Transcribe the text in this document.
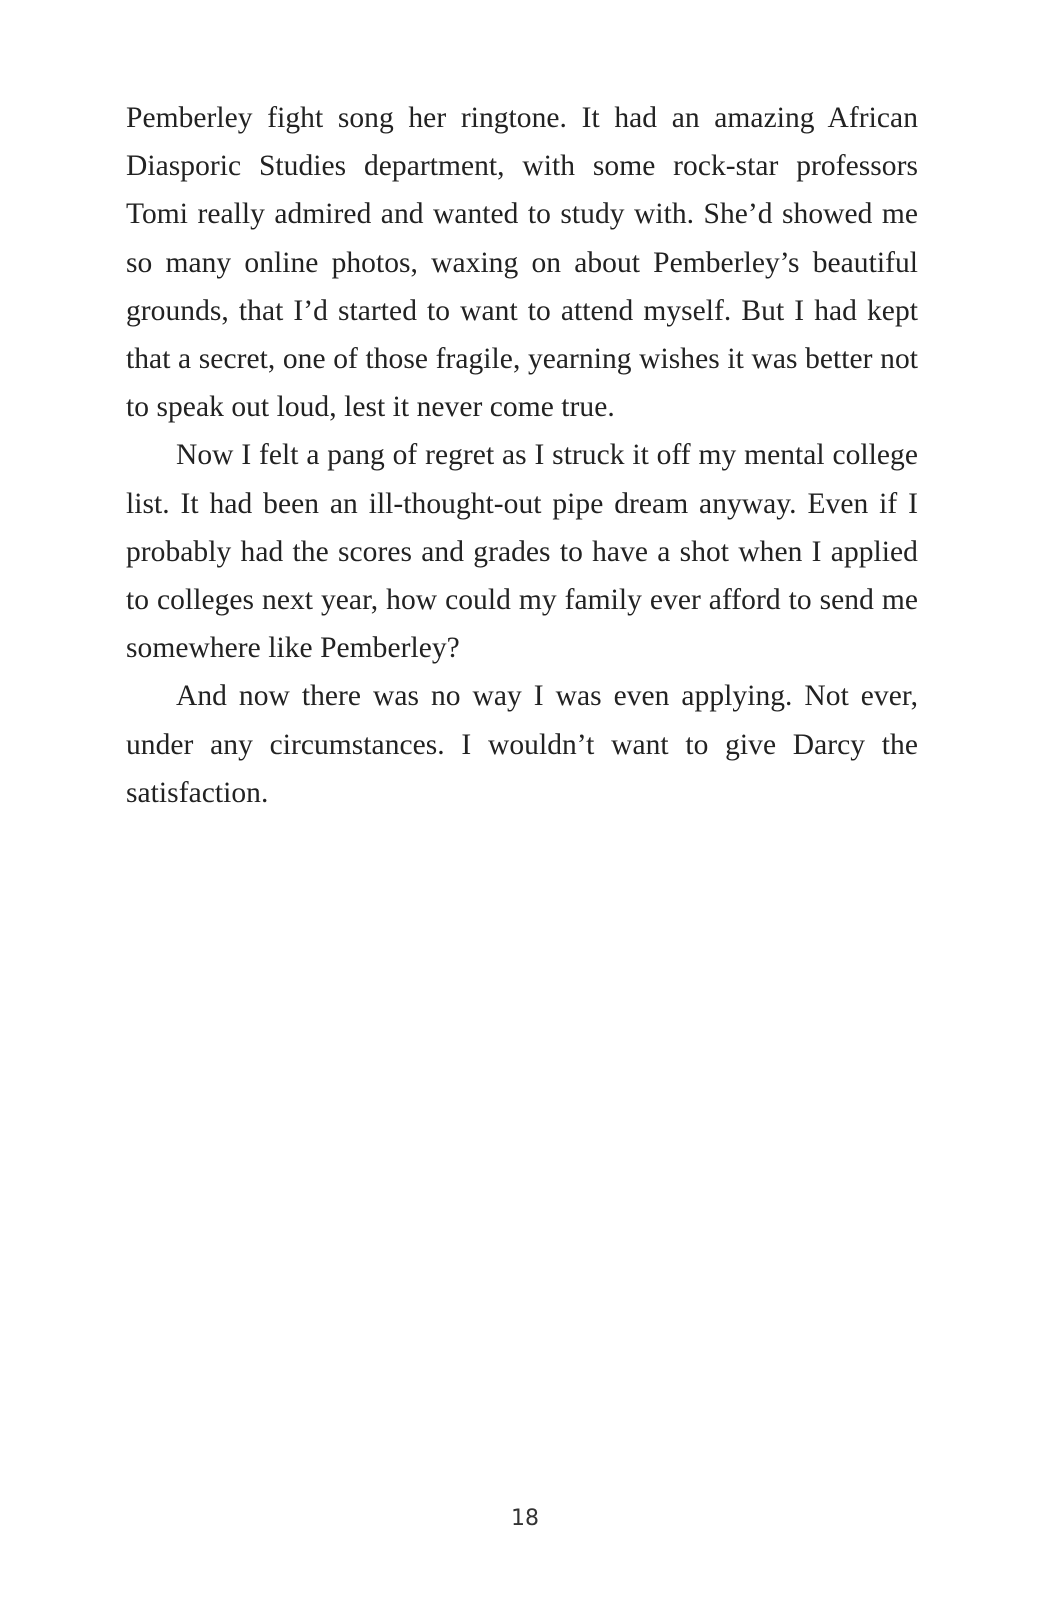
Pemberley fight song her ringtone. It had an amazing African Diasporic Studies department, with some rock-star professors Tomi really admired and wanted to study with. She’d showed me so many online photos, waxing on about Pemberley’s beautiful grounds, that I’d started to want to attend myself. But I had kept that a secret, one of those fragile, yearning wishes it was better not to speak out loud, lest it never come true.

Now I felt a pang of regret as I struck it off my mental college list. It had been an ill-thought-out pipe dream anyway. Even if I probably had the scores and grades to have a shot when I applied to colleges next year, how could my family ever afford to send me somewhere like Pemberley?

And now there was no way I was even applying. Not ever, under any circumstances. I wouldn’t want to give Darcy the satisfaction.

18
